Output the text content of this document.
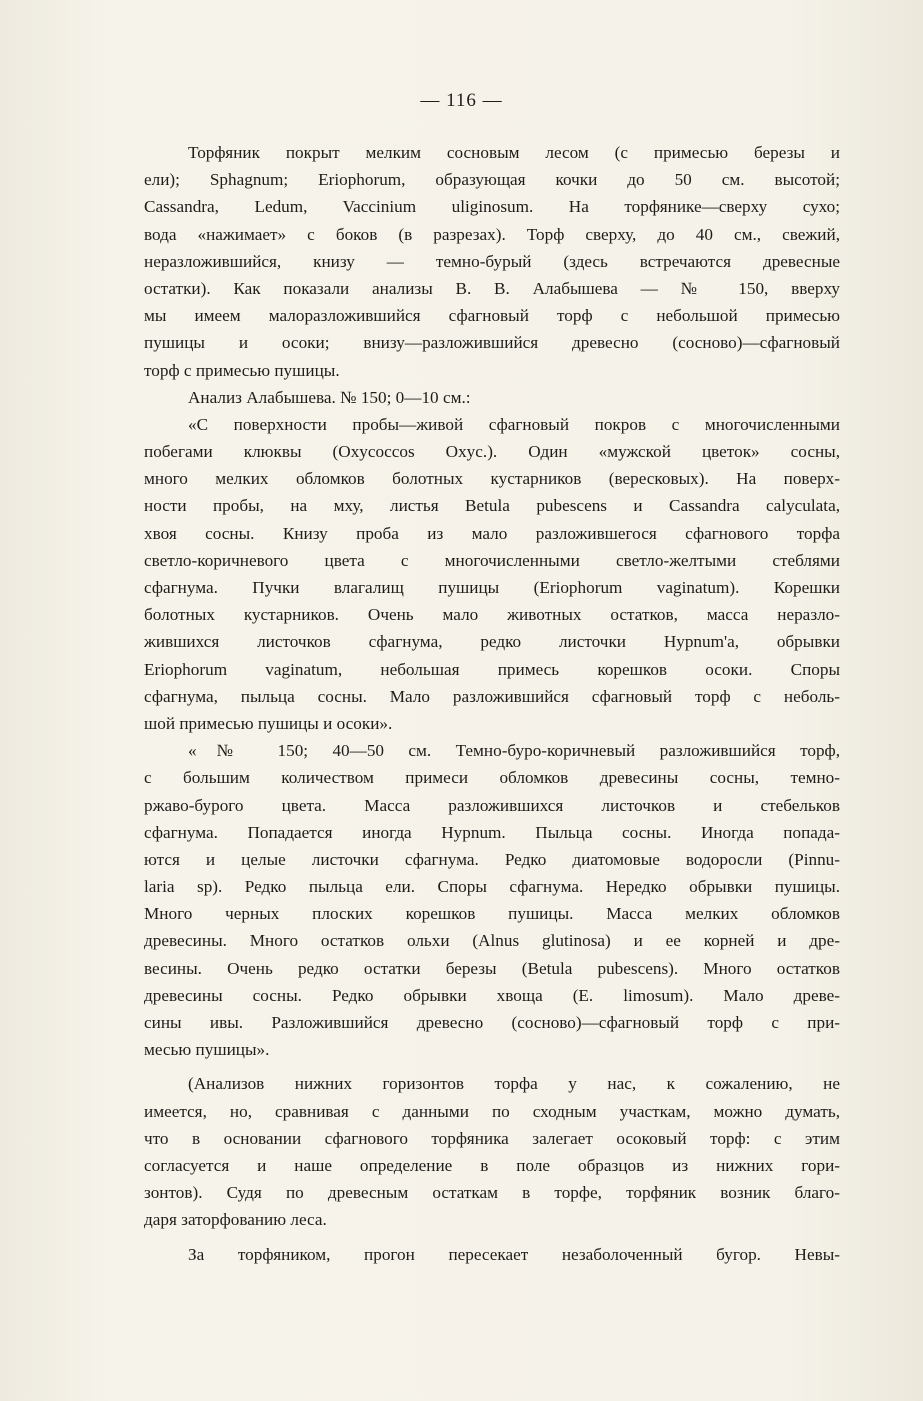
— 116 —
Торфяник покрыт мелким сосновым лесом (с примесью березы и
ели); Sphagnum; Eriophorum, образующая кочки до 50 см. высотой;
Cassandra, Ledum, Vaccinium uliginosum. На торфянике—сверху сухо;
вода «нажимает» с боков (в разрезах). Торф сверху, до 40 см., свежий,
неразложившийся, книзу — темно-бурый (здесь встречаются древесные
остатки). Как показали анализы В. В. Алабышева — № 150, вверху
мы имеем малоразложившийся сфагновый торф с небольшой примесью
пушицы и осоки; внизу—разложившийся древесно (сосново)—сфагновый
торф с примесью пушицы.
Анализ Алабышева. № 150; 0—10 см.:
«С поверхности пробы—живой сфагновый покров с многочисленными
побегами клюквы (Oxycoccos Oxyc.). Один «мужской цветок» сосны,
много мелких обломков болотных кустарников (вересковых). На поверх-
ности пробы, на мху, листья Betula pubescens и Cassandra calyculata,
хвоя сосны. Книзу проба из мало разложившегося сфагнового торфа
светло-коричневого цвета с многочисленными светло-желтыми стеблями
сфагнума. Пучки влагалищ пушицы (Eriophorum vaginatum). Корешки
болотных кустарников. Очень мало животных остатков, масса неразло-
жившихся листочков сфагнума, редко листочки Hypnum'a, обрывки
Eriophorum vaginatum, небольшая примесь корешков осоки. Споры
сфагнума, пыльца сосны. Мало разложившийся сфагновый торф с неболь-
шой примесью пушицы и осоки».
«№ 150; 40—50 см. Темно-буро-коричневый разложившийся торф,
с большим количеством примеси обломков древесины сосны, темно-
ржаво-бурого цвета. Масса разложившихся листочков и стебельков
сфагнума. Попадается иногда Hypnum. Пыльца сосны. Иногда попада-
ются и целые листочки сфагнума. Редко диатомовые водоросли (Pinnu-
laria sp). Редко пыльца ели. Споры сфагнума. Нередко обрывки пушицы.
Много черных плоских корешков пушицы. Масса мелких обломков
древесины. Много остатков ольхи (Alnus glutinosa) и ее корней и дре-
весины. Очень редко остатки березы (Betula pubescens). Много остатков
древесины сосны. Редко обрывки хвоща (E. limosum). Мало древе-
сины ивы. Разложившийся древесно (сосново)—сфагновый торф с при-
месью пушицы».
(Анализов нижних горизонтов торфа у нас, к сожалению, не
имеется, но, сравнивая с данными по сходным участкам, можно думать,
что в основании сфагнового торфяника залегает осоковый торф: с этим
согласуется и наше определение в поле образцов из нижних гори-
зонтов). Судя по древесным остаткам в торфе, торфяник возник благо-
даря заторфованию леса.
За торфяником, прогон пересекает незаболоченный бугор. Невы-
